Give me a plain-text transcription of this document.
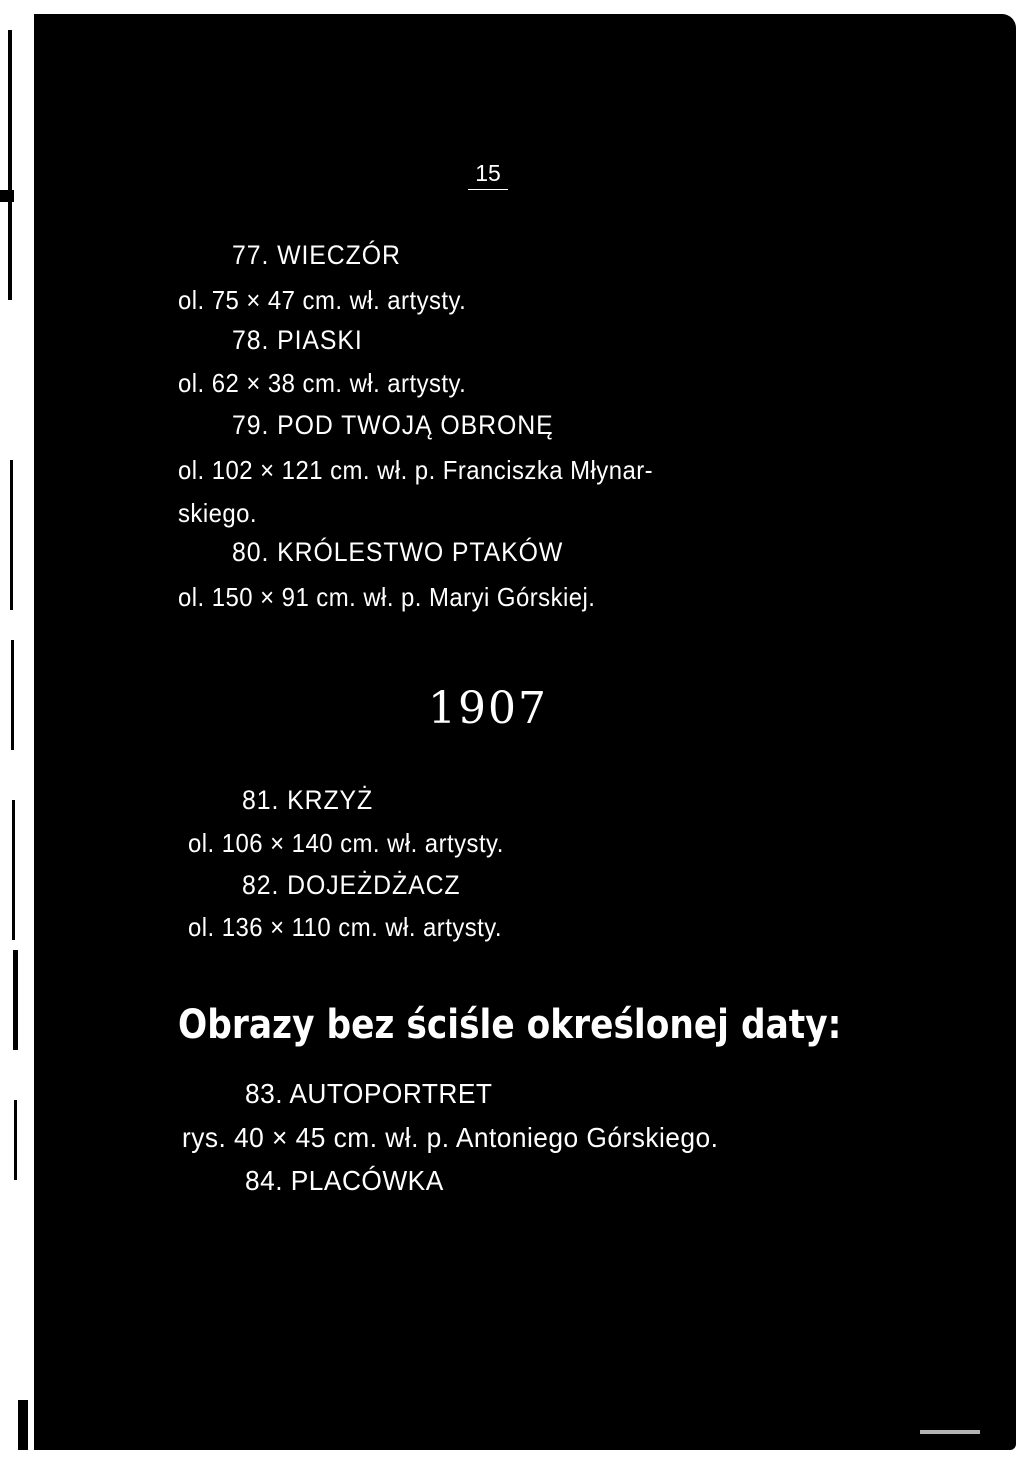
15
77. WIECZÓR
ol. 75 × 47 cm. wł. artysty.
78. PIASKI
ol. 62 × 38 cm. wł. artysty.
79. POD TWOJĄ OBRONĘ
ol. 102 × 121 cm. wł. p. Franciszka Młynar-
skiego.
80. KRÓLESTWO PTAKÓW
ol. 150 × 91 cm. wł. p. Maryi Górskiej.
1907
81. KRZYŻ
ol. 106 × 140 cm. wł. artysty.
82. DOJEŻDŻACZ
ol. 136 × 110 cm. wł. artysty.
Obrazy bez ściśle określonej daty:
83. AUTOPORTRET
rys. 40 × 45 cm. wł. p. Antoniego Górskiego.
84. PLACÓWKA
